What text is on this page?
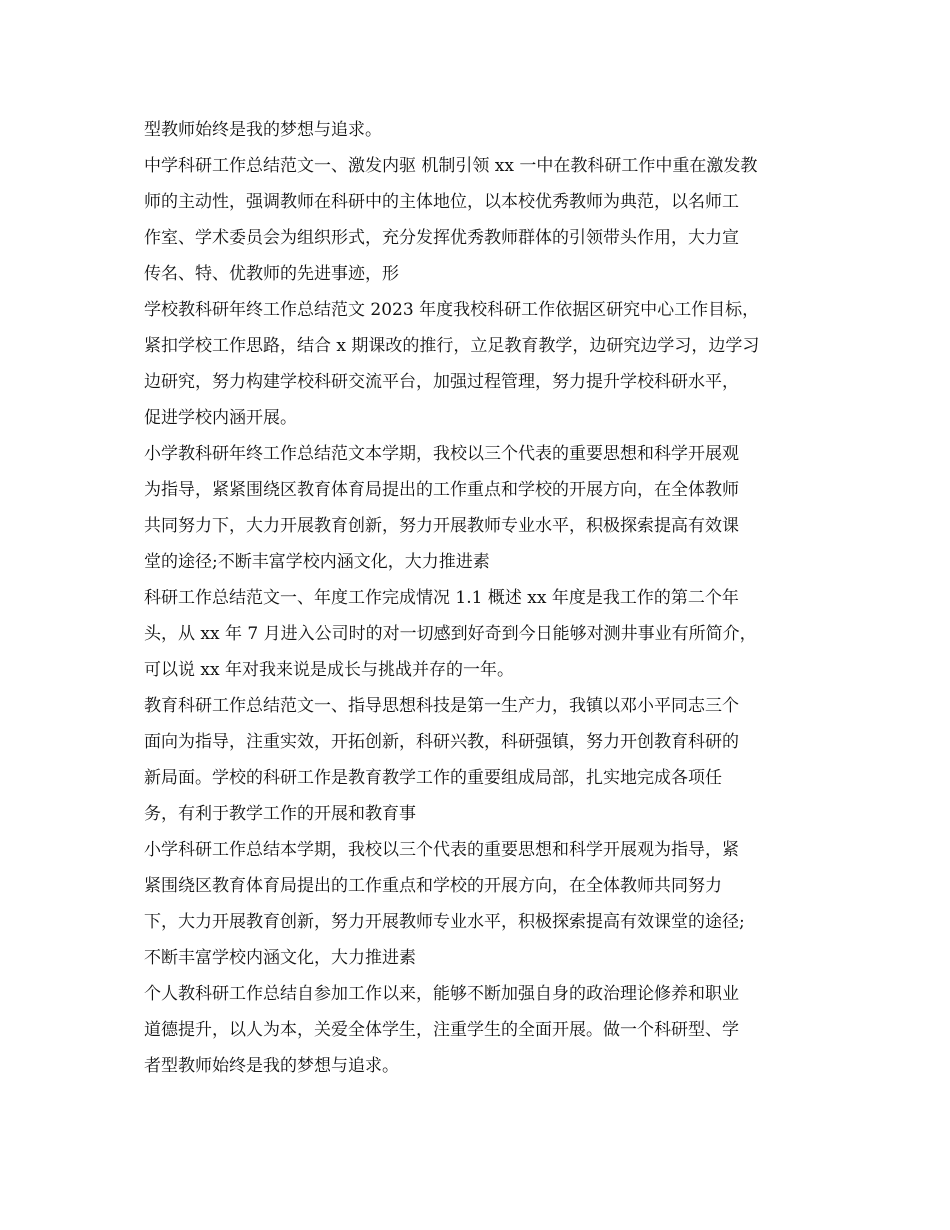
型教师始终是我的梦想与追求。
中学科研工作总结范文一、激发内驱 机制引领 xx 一中在教科研工作中重在激发教
师的主动性，强调教师在科研中的主体地位，以本校优秀教师为典范，以名师工
作室、学术委员会为组织形式，充分发挥优秀教师群体的引领带头作用，大力宣
传名、特、优教师的先进事迹，形
学校教科研年终工作总结范文 2023 年度我校科研工作依据区研究中心工作目标，
紧扣学校工作思路，结合 x 期课改的推行，立足教育教学，边研究边学习，边学习
边研究，努力构建学校科研交流平台，加强过程管理，努力提升学校科研水平，
促进学校内涵开展。
小学教科研年终工作总结范文本学期，我校以三个代表的重要思想和科学开展观
为指导，紧紧围绕区教育体育局提出的工作重点和学校的开展方向，在全体教师
共同努力下，大力开展教育创新，努力开展教师专业水平，积极探索提高有效课
堂的途径;不断丰富学校内涵文化，大力推进素
科研工作总结范文一、年度工作完成情况 1.1 概述 xx 年度是我工作的第二个年
头，从 xx 年 7 月进入公司时的对一切感到好奇到今日能够对测井事业有所简介，
可以说 xx 年对我来说是成长与挑战并存的一年。
教育科研工作总结范文一、指导思想科技是第一生产力，我镇以邓小平同志三个
面向为指导，注重实效，开拓创新，科研兴教，科研强镇，努力开创教育科研的
新局面。学校的科研工作是教育教学工作的重要组成局部，扎实地完成各项任
务，有利于教学工作的开展和教育事
小学科研工作总结本学期，我校以三个代表的重要思想和科学开展观为指导，紧
紧围绕区教育体育局提出的工作重点和学校的开展方向，在全体教师共同努力
下，大力开展教育创新，努力开展教师专业水平，积极探索提高有效课堂的途径;
不断丰富学校内涵文化，大力推进素
个人教科研工作总结自参加工作以来，能够不断加强自身的政治理论修养和职业
道德提升，以人为本，关爱全体学生，注重学生的全面开展。做一个科研型、学
者型教师始终是我的梦想与追求。
